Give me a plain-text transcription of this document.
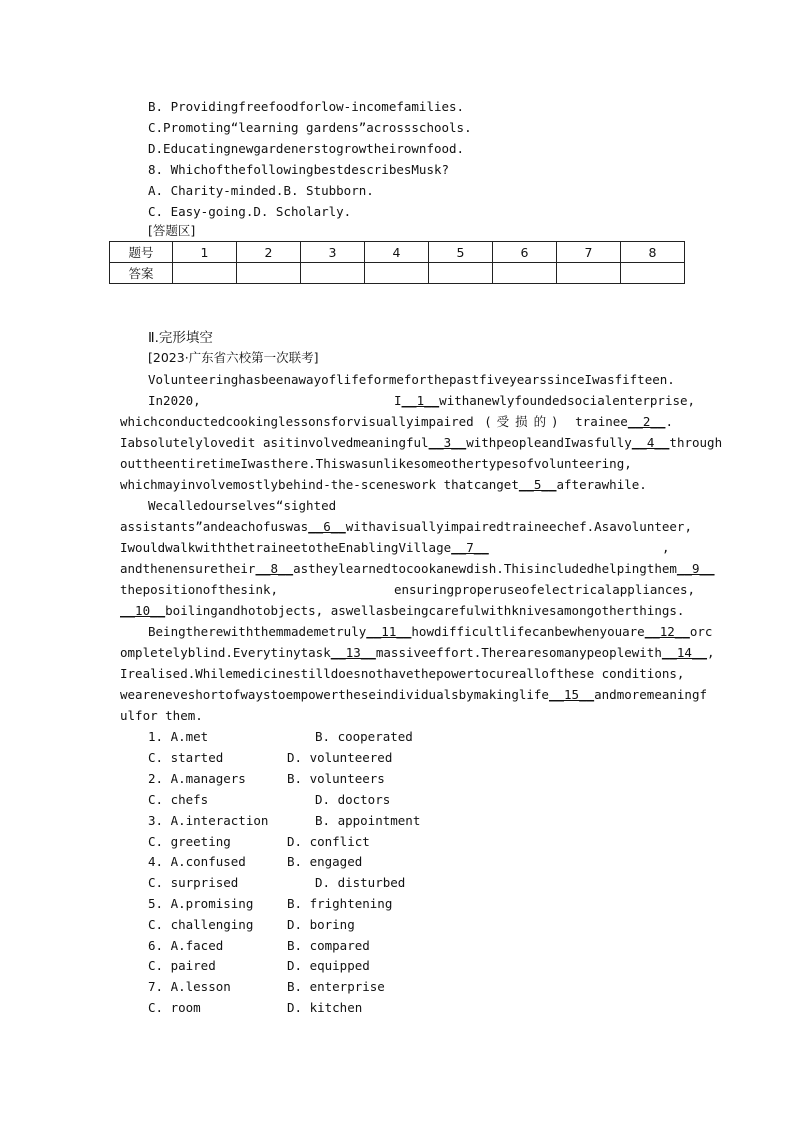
B. Providingfreefoodforlow-incomefamilies.
C.Promoting“learning gardens”acrossschools.
D.Educatingnewgardenerstogrowtheirownfood.
8. WhichofthefollowingbestdescribesMusk?
A. Charity-minded.B. Stubborn.
C. Easy-going.D. Scholarly.
[答题区]
题号	1	2	3	4	5	6	7	8
答案								
Ⅱ.完形填空
[2023·广东省六校第一次联考]
VolunteeringhasbeenawayoflifeformeforthepastfiveyearssinceIwasfifteen.
In2020,	I__1__withanewlyfoundedsocialenterprise,
whichconductedcookinglessonsforvisuallyimpaired (受损的) trainee__2__.
Iabsolutelylovedit asitinvolvedmeaningful__3__withpeopleandIwasfully__4__through
outtheentiretimeIwasthere.Thiswasunlikesomeothertypesofvolunteering,
whichmayinvolvemostlybehind-the-sceneswork thatcanget__5__afterawhile.
Wecalledourselves“sighted
assistants”andeachofuswas__6__withavisuallyimpairedtraineechef.Asavolunteer,
IwouldwalkwiththetraineetotheEnablingVillage__7__	,
andthenensuretheir__8__astheylearnedtocookanewdish.Thisincludedhelpingthem__9__
thepositionofthesink,	ensuringproperuseofelectricalappliances,
__10__boilingandhotobjects, aswellasbeingcarefulwithknivesamongotherthings.
Beingtherewiththemmademetruly__11__howdifficultlifecanbewhenyouare__12__orc
ompletelyblind.Everytinytask__13__massiveeffort.Therearesomanypeoplewith__14__,
Irealised.Whilemedicinestilldoesnothavethepowertocureallofthese conditions,
weareneveshortofwaystoempowertheseindividualsbymakinglife__15__andmoremeaningf
ulfor them.
1. A.met	B. cooperated
C. started	D. volunteered
2. A.managers	B. volunteers
C. chefs	D. doctors
3. A.interaction	B. appointment
C. greeting	D. conflict
4. A.confused	B. engaged
C. surprised	D. disturbed
5. A.promising	B. frightening
C. challenging	D. boring
6. A.faced	B. compared
C. paired	D. equipped
7. A.lesson	B. enterprise
C. room	D. kitchen
